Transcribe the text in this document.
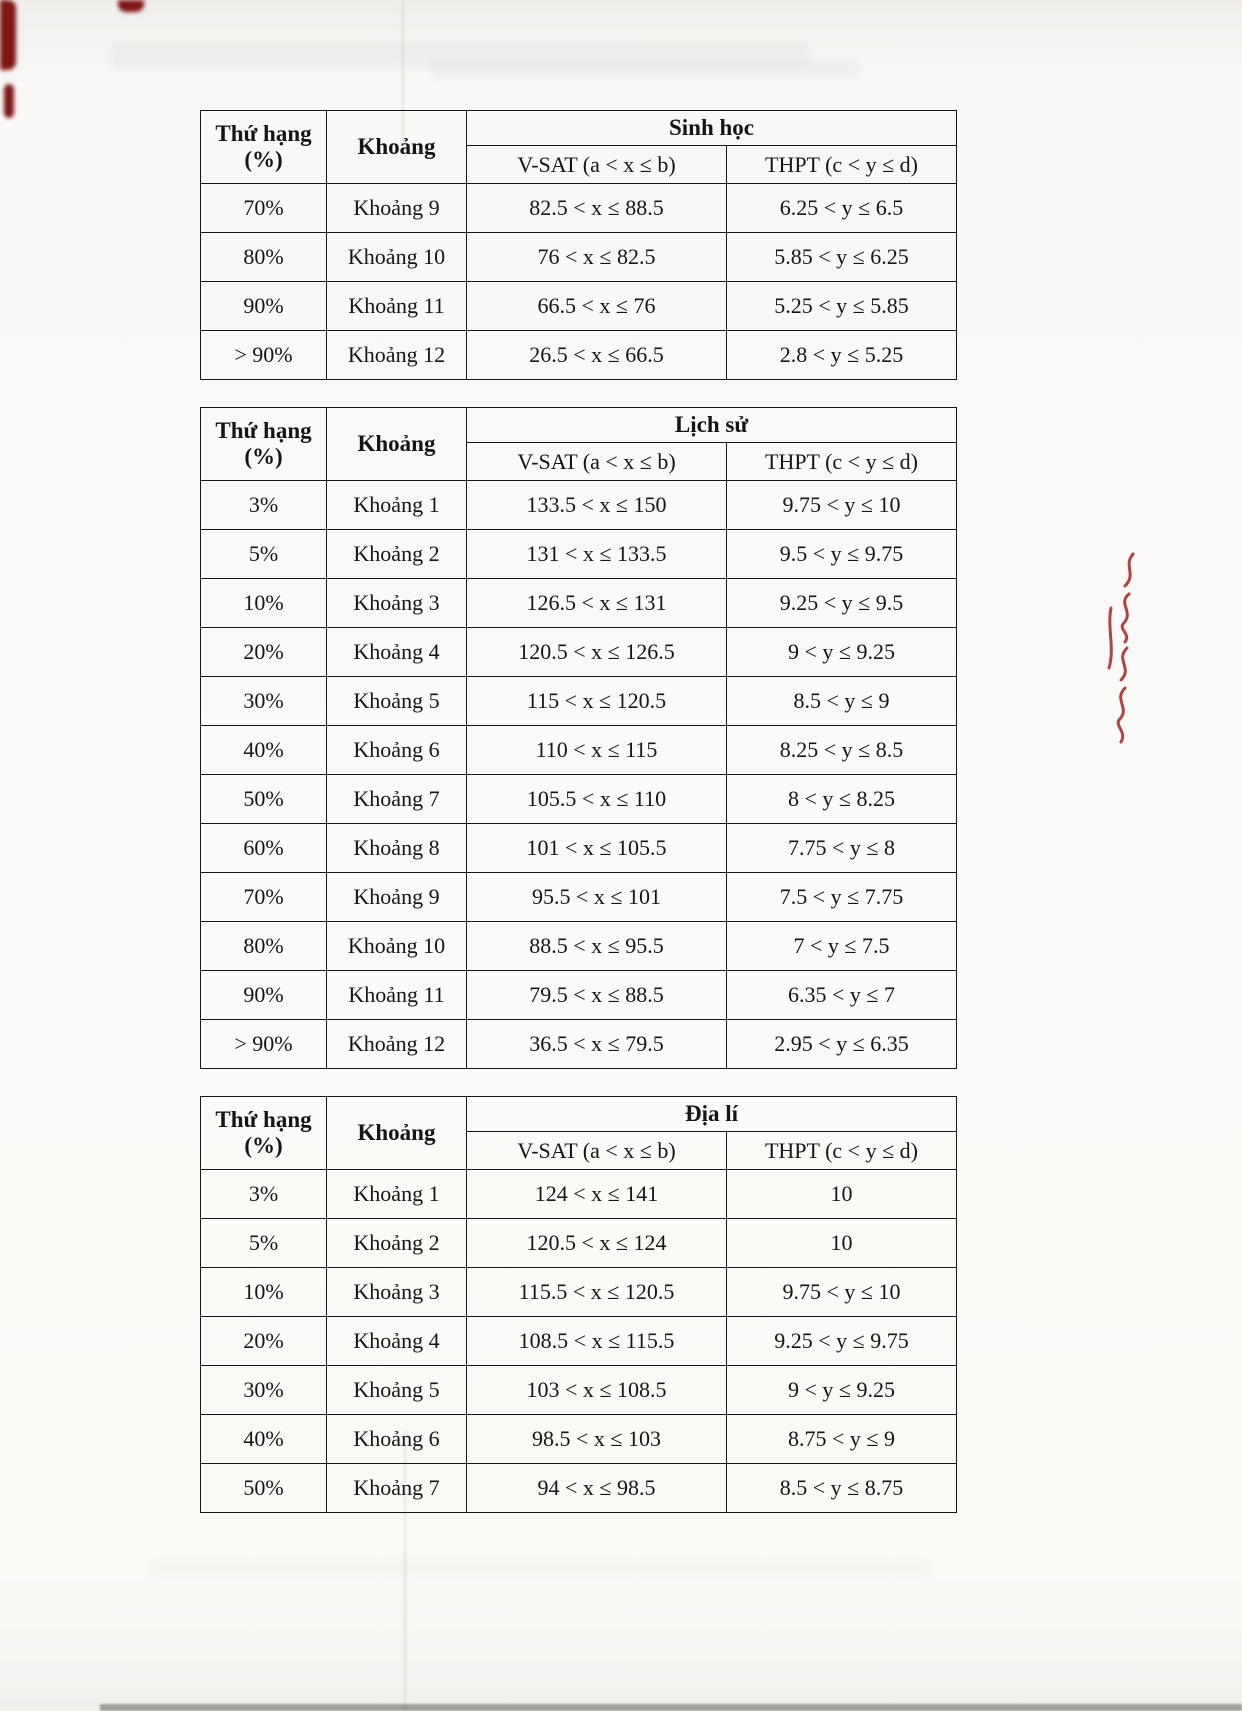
Thứ hạng
(%)	Khoảng	Sinh học	
		V-SAT (a < x ≤ b)	THPT (c < y ≤ d)
70%	Khoảng 9	82.5 < x ≤ 88.5	6.25 < y ≤ 6.5
80%	Khoảng 10	76 < x ≤ 82.5	5.85 < y ≤ 6.25
90%	Khoảng 11	66.5 < x ≤ 76	5.25 < y ≤ 5.85
> 90%	Khoảng 12	26.5 < x ≤ 66.5	2.8 < y ≤ 5.25
Thứ hạng
(%)	Khoảng	Lịch sử	
		V-SAT (a < x ≤ b)	THPT (c < y ≤ d)
3%	Khoảng 1	133.5 < x ≤ 150	9.75 < y ≤ 10
5%	Khoảng 2	131 < x ≤ 133.5	9.5 < y ≤ 9.75
10%	Khoảng 3	126.5 < x ≤ 131	9.25 < y ≤ 9.5
20%	Khoảng 4	120.5 < x ≤ 126.5	9 < y ≤ 9.25
30%	Khoảng 5	115 < x ≤ 120.5	8.5 < y ≤ 9
40%	Khoảng 6	110 < x ≤ 115	8.25 < y ≤ 8.5
50%	Khoảng 7	105.5 < x ≤ 110	8 < y ≤ 8.25
60%	Khoảng 8	101 < x ≤ 105.5	7.75 < y ≤ 8
70%	Khoảng 9	95.5 < x ≤ 101	7.5 < y ≤ 7.75
80%	Khoảng 10	88.5 < x ≤ 95.5	7 < y ≤ 7.5
90%	Khoảng 11	79.5 < x ≤ 88.5	6.35 < y ≤ 7
> 90%	Khoảng 12	36.5 < x ≤ 79.5	2.95 < y ≤ 6.35
Thứ hạng
(%)	Khoảng	Địa lí	
		V-SAT (a < x ≤ b)	THPT (c < y ≤ d)
3%	Khoảng 1	124 < x ≤ 141	10
5%	Khoảng 2	120.5 < x ≤ 124	10
10%	Khoảng 3	115.5 < x ≤ 120.5	9.75 < y ≤ 10
20%	Khoảng 4	108.5 < x ≤ 115.5	9.25 < y ≤ 9.75
30%	Khoảng 5	103 < x ≤ 108.5	9 < y ≤ 9.25
40%	Khoảng 6	98.5 < x ≤ 103	8.75 < y ≤ 9
50%	Khoảng 7	94 < x ≤ 98.5	8.5 < y ≤ 8.75
